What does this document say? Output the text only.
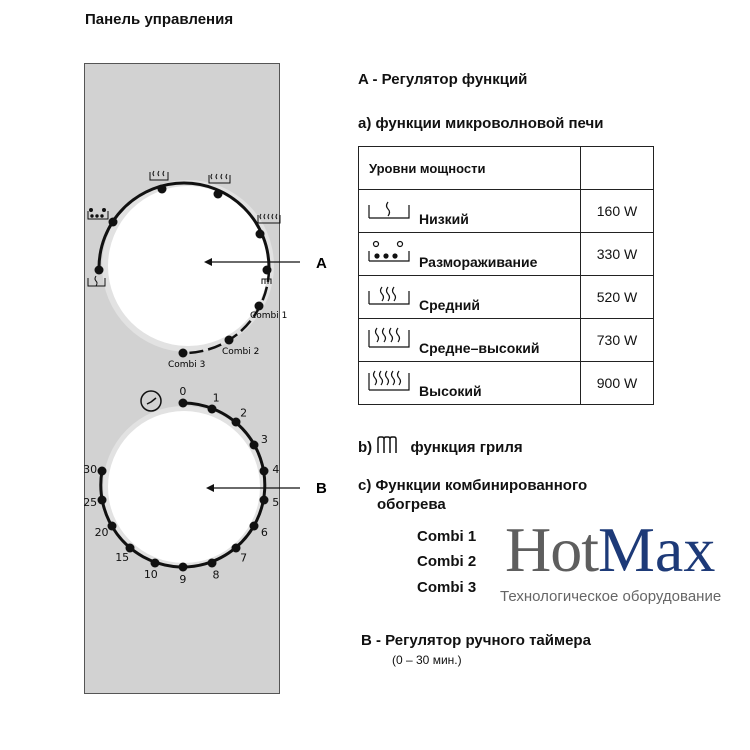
Панель управления
Combi 1
Combi 2
Combi 3
A
0
1
2
3
4
5
6
7
8
9
10
15
20
25
30
B
A - Регулятор функций
a) функции микроволновой печи
Уровни мощности	

Низкий	160 W

Размораживание	330 W

Средний	520 W

Средне–высокий	730 W

Высокий	900 W
b)	функция гриля
c) Функции комбинированного
обогрева
Combi 1
Combi 2
Combi 3
HotMax
Технологическое оборудование
B - Регулятор ручного таймера
(0 – 30 мин.)
